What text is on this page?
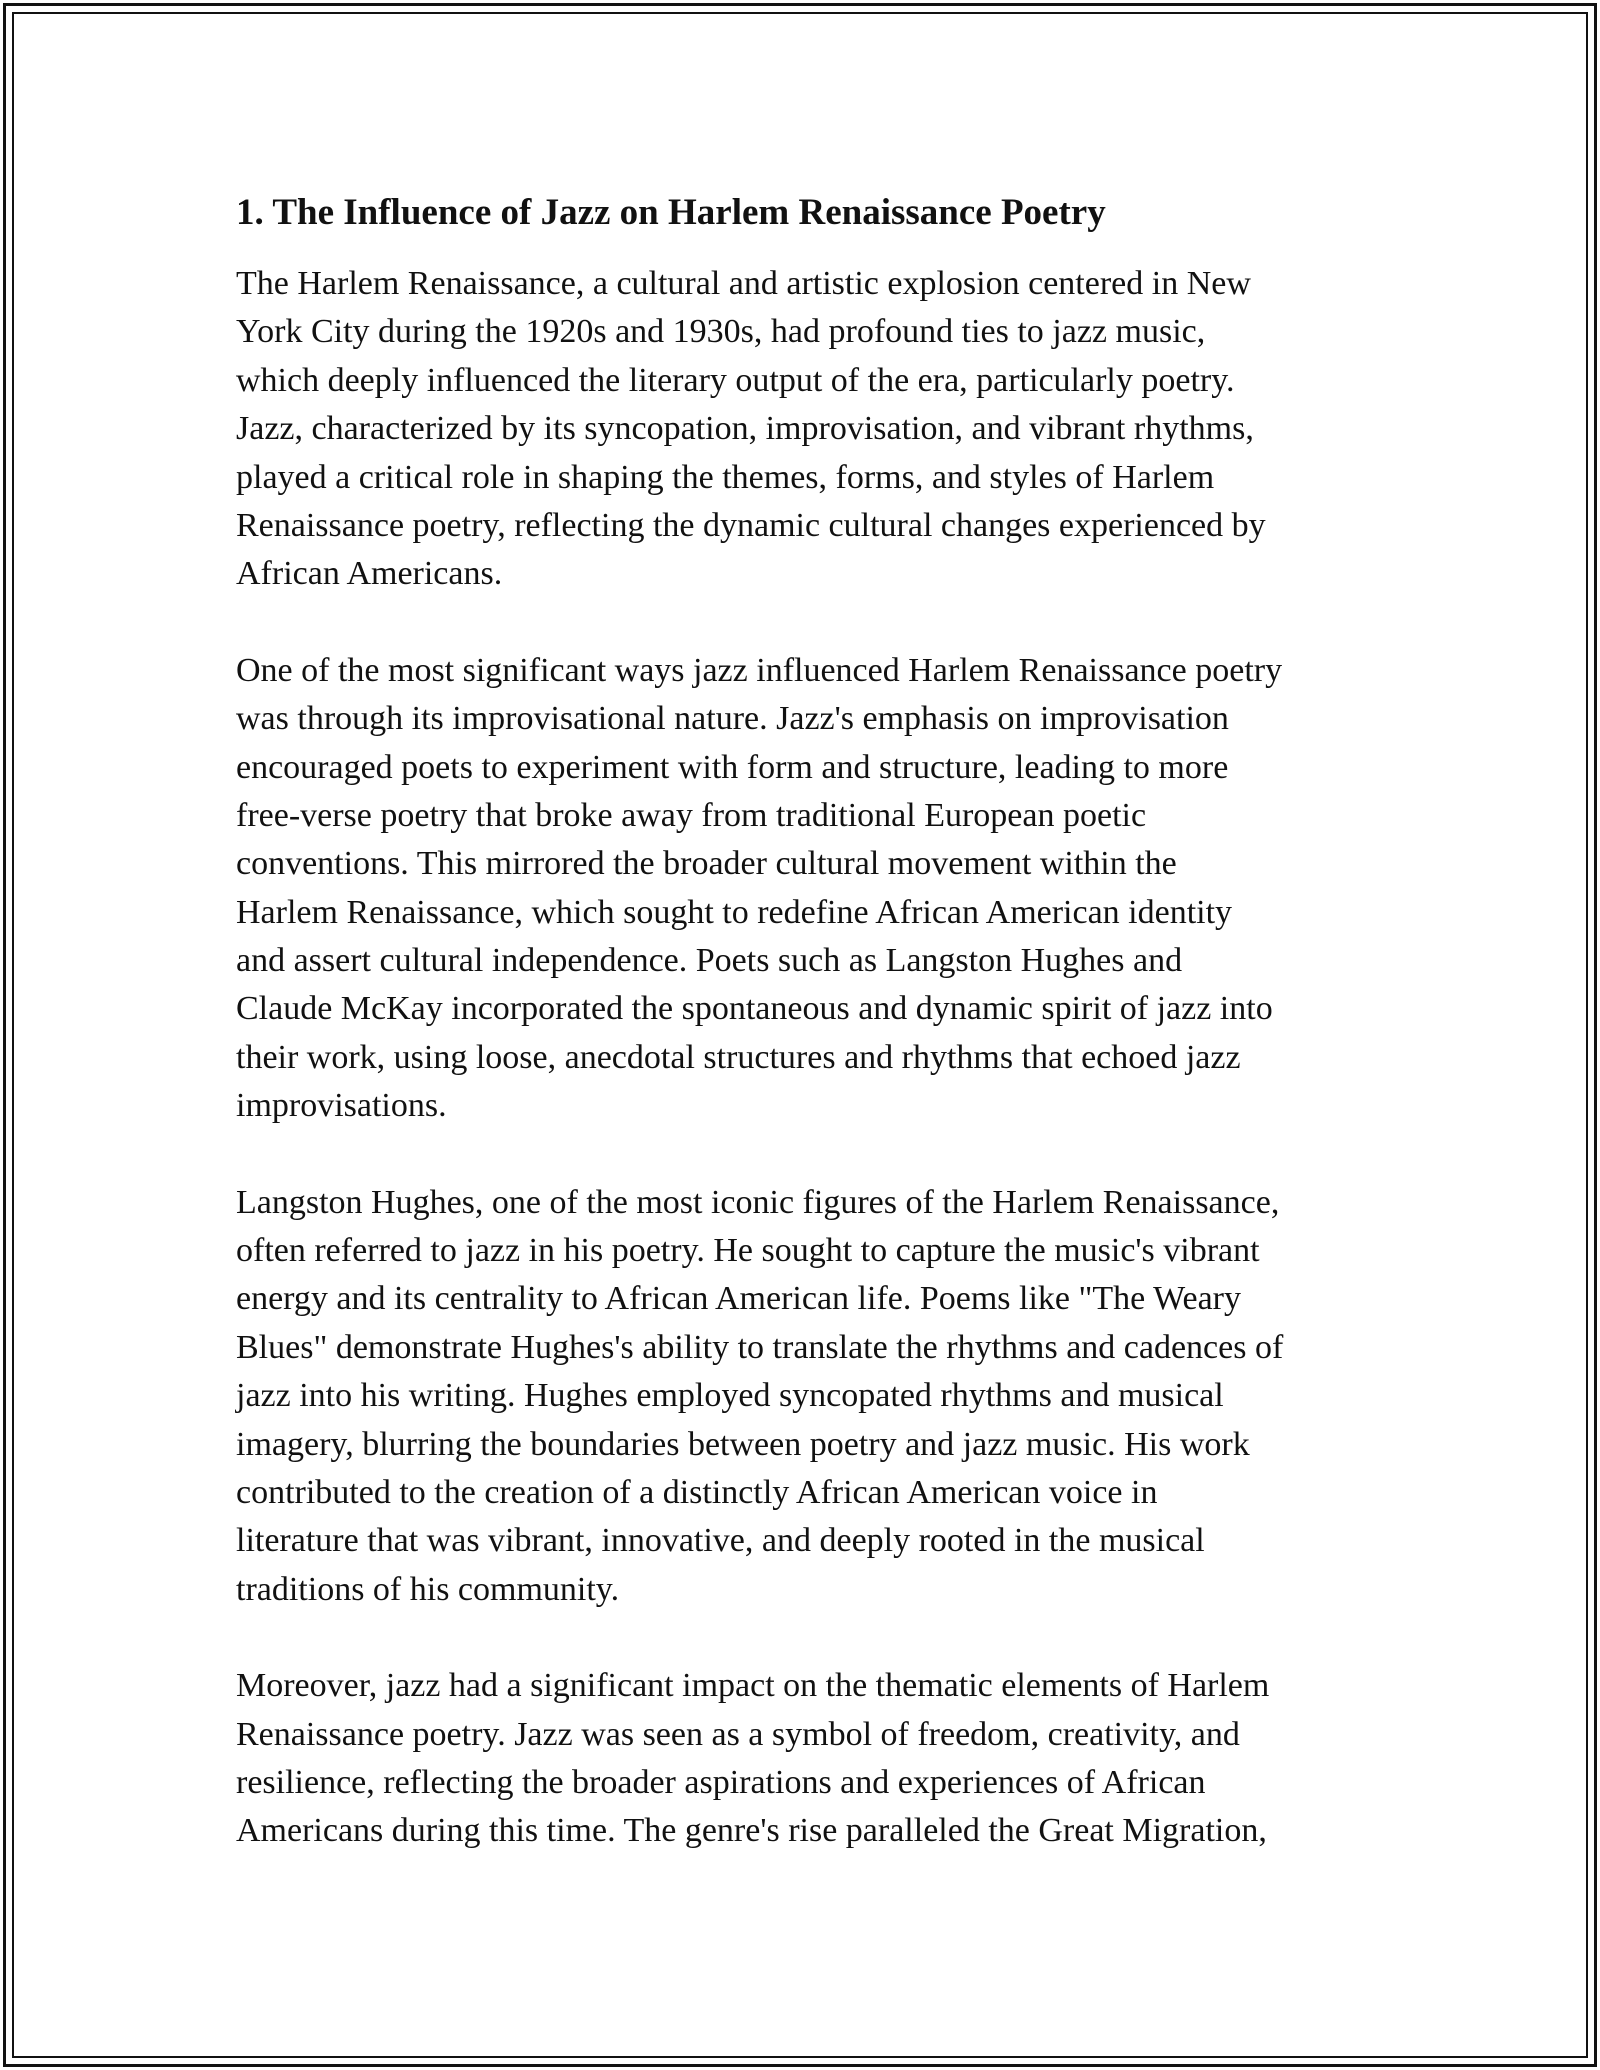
1. The Influence of Jazz on Harlem Renaissance Poetry

The Harlem Renaissance, a cultural and artistic explosion centered in New
York City during the 1920s and 1930s, had profound ties to jazz music,
which deeply influenced the literary output of the era, particularly poetry.
Jazz, characterized by its syncopation, improvisation, and vibrant rhythms,
played a critical role in shaping the themes, forms, and styles of Harlem
Renaissance poetry, reflecting the dynamic cultural changes experienced by
African Americans.

One of the most significant ways jazz influenced Harlem Renaissance poetry
was through its improvisational nature. Jazz's emphasis on improvisation
encouraged poets to experiment with form and structure, leading to more
free-verse poetry that broke away from traditional European poetic
conventions. This mirrored the broader cultural movement within the
Harlem Renaissance, which sought to redefine African American identity
and assert cultural independence. Poets such as Langston Hughes and
Claude McKay incorporated the spontaneous and dynamic spirit of jazz into
their work, using loose, anecdotal structures and rhythms that echoed jazz
improvisations.

Langston Hughes, one of the most iconic figures of the Harlem Renaissance,
often referred to jazz in his poetry. He sought to capture the music's vibrant
energy and its centrality to African American life. Poems like "The Weary
Blues" demonstrate Hughes's ability to translate the rhythms and cadences of
jazz into his writing. Hughes employed syncopated rhythms and musical
imagery, blurring the boundaries between poetry and jazz music. His work
contributed to the creation of a distinctly African American voice in
literature that was vibrant, innovative, and deeply rooted in the musical
traditions of his community.

Moreover, jazz had a significant impact on the thematic elements of Harlem
Renaissance poetry. Jazz was seen as a symbol of freedom, creativity, and
resilience, reflecting the broader aspirations and experiences of African
Americans during this time. The genre's rise paralleled the Great Migration,
